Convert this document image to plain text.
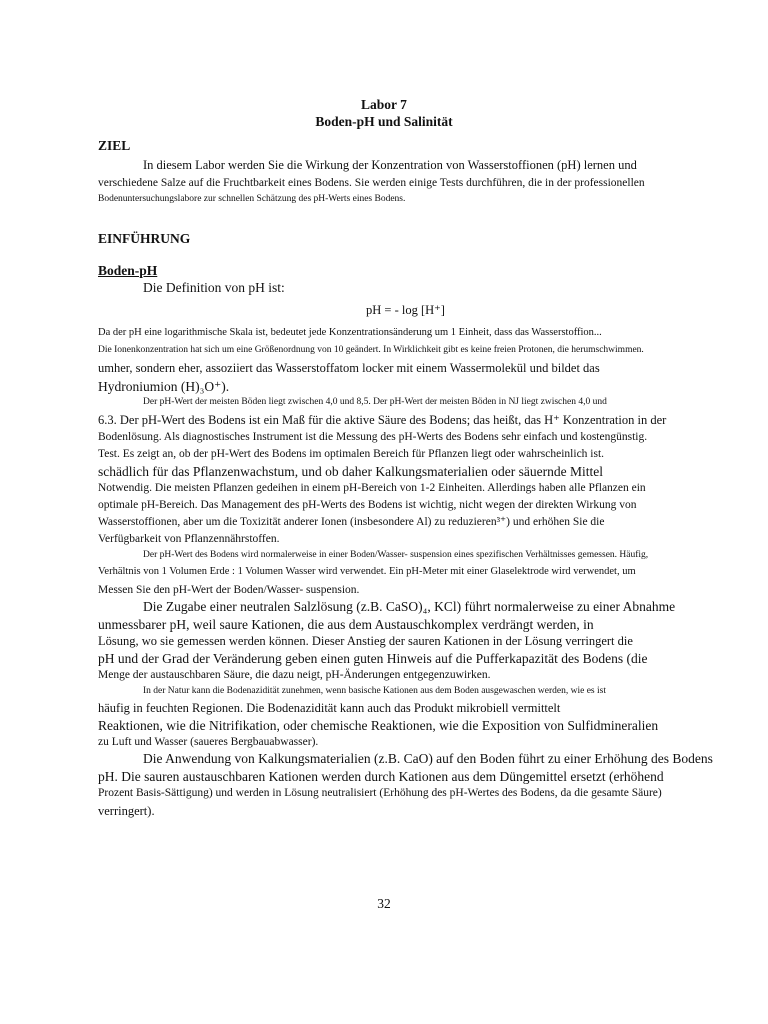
Labor 7
Boden-pH und Salinität
ZIEL
In diesem Labor werden Sie die Wirkung der Konzentration von Wasserstoffionen (pH) lernen und
verschiedene Salze auf die Fruchtbarkeit eines Bodens. Sie werden einige Tests durchführen, die in der professionellen
Bodenuntersuchungslabore zur schnellen Schätzung des pH-Werts eines Bodens.
EINFÜHRUNG
Boden-pH
Die Definition von pH ist:
pH = - log [H⁺]
Da der pH eine logarithmische Skala ist, bedeutet jede Konzentrationsänderung um 1 Einheit, dass das Wasserstoffion...
Die Ionenkonzentration hat sich um eine Größenordnung von 10 geändert. In Wirklichkeit gibt es keine freien Protonen, die herumschwimmen.
umher, sondern eher, assoziiert das Wasserstoffatom locker mit einem Wassermolekül und bildet das
Hydroniumion (H)₃O⁺).
Der pH-Wert der meisten Böden liegt zwischen 4,0 und 8,5. Der pH-Wert der meisten Böden in NJ liegt zwischen 4,0 und
6.3. Der pH-Wert des Bodens ist ein Maß für die aktive Säure des Bodens; das heißt, das H⁺ Konzentration in der
Bodenlösung. Als diagnostisches Instrument ist die Messung des pH-Werts des Bodens sehr einfach und kostengünstig.
Test. Es zeigt an, ob der pH-Wert des Bodens im optimalen Bereich für Pflanzen liegt oder wahrscheinlich ist.
schädlich für das Pflanzenwachstum, und ob daher Kalkungsmaterialien oder säuernde Mittel
Notwendig. Die meisten Pflanzen gedeihen in einem pH-Bereich von 1-2 Einheiten. Allerdings haben alle Pflanzen ein
optimale pH-Bereich. Das Management des pH-Werts des Bodens ist wichtig, nicht wegen der direkten Wirkung von
Wasserstoffionen, aber um die Toxizität anderer Ionen (insbesondere Al) zu reduzieren³⁺) und erhöhen Sie die
Verfügbarkeit von Pflanzennährstoffen.
Der pH-Wert des Bodens wird normalerweise in einer Boden/Wasser- suspension eines spezifischen Verhältnisses gemessen. Häufig,
Verhältnis von 1 Volumen Erde : 1 Volumen Wasser wird verwendet. Ein pH-Meter mit einer Glaselektrode wird verwendet, um
Messen Sie den pH-Wert der Boden/Wasser- suspension.
Die Zugabe einer neutralen Salzlösung (z.B. CaSO)₄, KCl) führt normalerweise zu einer Abnahme
unmessbarer pH, weil saure Kationen, die aus dem Austauschkomplex verdrängt werden, in
Lösung, wo sie gemessen werden können. Dieser Anstieg der sauren Kationen in der Lösung verringert die
pH und der Grad der Veränderung geben einen guten Hinweis auf die Pufferkapazität des Bodens (die
Menge der austauschbaren Säure, die dazu neigt, pH-Änderungen entgegenzuwirken.
In der Natur kann die Bodenazidität zunehmen, wenn basische Kationen aus dem Boden ausgewaschen werden, wie es ist
häufig in feuchten Regionen. Die Bodenazidität kann auch das Produkt mikrobiell vermittelt
Reaktionen, wie die Nitrifikation, oder chemische Reaktionen, wie die Exposition von Sulfidmineralien
zu Luft und Wasser (saueres Bergbauabwasser).
Die Anwendung von Kalkungsmaterialien (z.B. CaO) auf den Boden führt zu einer Erhöhung des Bodens
pH. Die sauren austauschbaren Kationen werden durch Kationen aus dem Düngemittel ersetzt (erhöhend
Prozent Basis-Sättigung) und werden in Lösung neutralisiert (Erhöhung des pH-Wertes des Bodens, da die gesamte Säure)
verringert).
32
